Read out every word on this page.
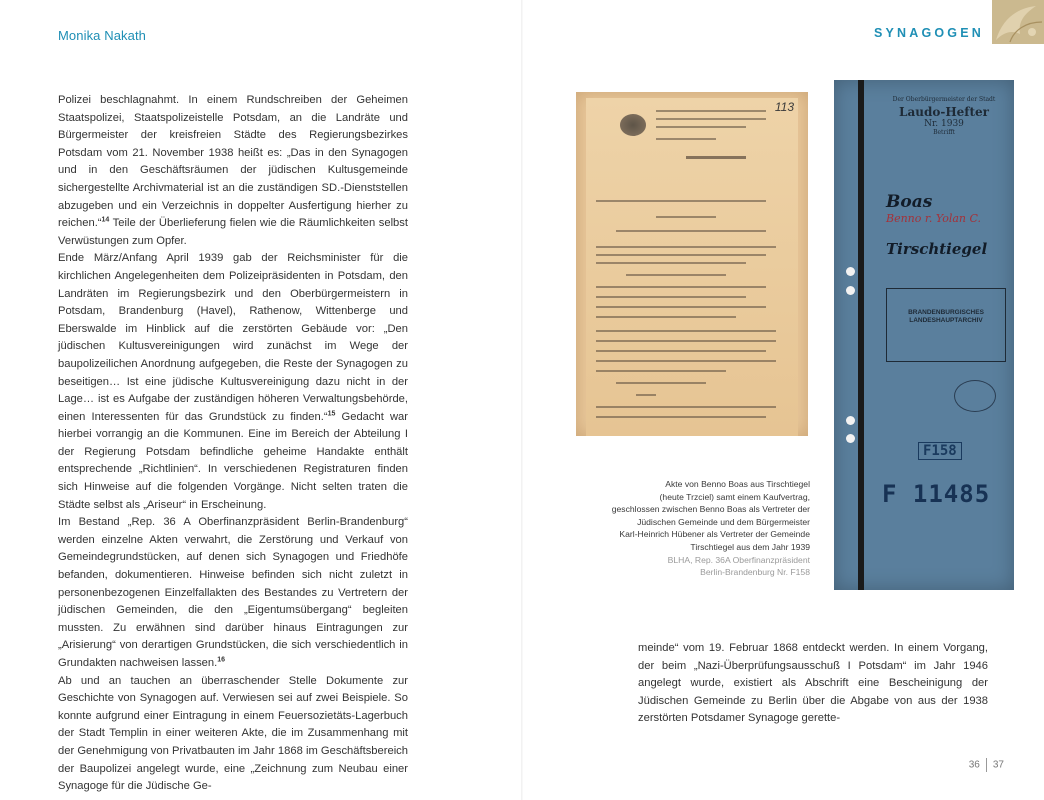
Monika Nakath	SYNAGOGEN

Polizei beschlagnahmt. In einem Rundschreiben der Geheimen Staatspolizei, Staatspolizeistelle Potsdam, an die Landräte und Bürgermeister der kreisfreien Städte des Regierungsbezirkes Potsdam vom 21. November 1938 heißt es: „Das in den Synagogen und in den Geschäftsräumen der jüdischen Kultusgemeinde sichergestellte Archivmaterial ist an die zuständigen SD.-Dienststellen abzugeben und ein Verzeichnis in doppelter Ausfertigung hierher zu reichen.“$^{14}$ Teile der Überlieferung fielen wie die Räumlichkeiten selbst Verwüstungen zum Opfer.

Ende März/Anfang April 1939 gab der Reichsminister für die kirchlichen Angelegenheiten dem Polizeipräsidenten in Potsdam, den Landräten im Regierungsbezirk und den Oberbürgermeistern in Potsdam, Brandenburg (Havel), Rathenow, Wittenberge und Eberswalde im Hinblick auf die zerstörten Gebäude vor: „Den jüdischen Kultusvereinigungen wird zunächst im Wege der baupolizeilichen Anordnung aufgegeben, die Reste der Synagogen zu beseitigen… Ist eine jüdische Kultusvereinigung dazu nicht in der Lage… ist es Aufgabe der zuständigen höheren Verwaltungsbehörde, einen Interessenten für das Grundstück zu finden.“$^{15}$ Gedacht war hierbei vorrangig an die Kommunen. Eine im Bereich der Abteilung I der Regierung Potsdam befindliche geheime Handakte enthält entsprechende „Richtlinien“. In verschiedenen Registraturen finden sich Hinweise auf die folgenden Vorgänge. Nicht selten traten die Städte selbst als „Ariseur“ in Erscheinung.

Im Bestand „Rep. 36 A Oberfinanzpräsident Berlin-Brandenburg“ werden einzelne Akten verwahrt, die Zerstörung und Verkauf von Gemeindegrundstücken, auf denen sich Synagogen und Friedhöfe befanden, dokumentieren. Hinweise befinden sich nicht zuletzt in personenbezogenen Einzelfallakten des Bestandes zu Vertretern der jüdischen Gemeinden, die den „Eigentumsübergang“ begleiten mussten. Zu erwähnen sind darüber hinaus Eintragungen zur „Arisierung“ von derartigen Grundstücken, die sich verschiedentlich in Grundakten nachweisen lassen.$^{16}$

Ab und an tauchen an überraschender Stelle Dokumente zur Geschichte von Synagogen auf. Verwiesen sei auf zwei Beispiele. So konnte aufgrund einer Eintragung in einem Feuersozietäts-Lagerbuch der Stadt Templin in einer weiteren Akte, die im Zusammenhang mit der Genehmigung von Privatbauten im Jahr 1868 im Geschäftsbereich der Baupolizei angelegt wurde, eine „Zeichnung zum Neubau einer Synagoge für die Jüdische Ge-

113
Der Oberbürgermeister der Stadt
Laudo-Hefter
Nr. 1939
Betrifft
Boas
Benno r. Yolan C.
Tirschtiegel
BRANDENBURGISCHES LANDESHAUPTARCHIV
F158
F 11485
Akte von Benno Boas aus Tirschtiegel
(heute Trzciel) samt einem Kaufvertrag,
geschlossen zwischen Benno Boas als Vertreter der
Jüdischen Gemeinde und dem Bürgermeister
Karl-Heinrich Hübener als Vertreter der Gemeinde
Tirschtiegel aus dem Jahr 1939
BLHA, Rep. 36A Oberfinanzpräsident
Berlin-Brandenburg Nr. F158

meinde“ vom 19. Februar 1868 entdeckt werden. In einem Vorgang, der beim „Nazi-Überprüfungsausschuß I Potsdam“ im Jahr 1946 angelegt wurde, existiert als Abschrift eine Bescheinigung der Jüdischen Gemeinde zu Berlin über die Abgabe von aus der 1938 zerstörten Potsdamer Synagoge gerette-

36 37
